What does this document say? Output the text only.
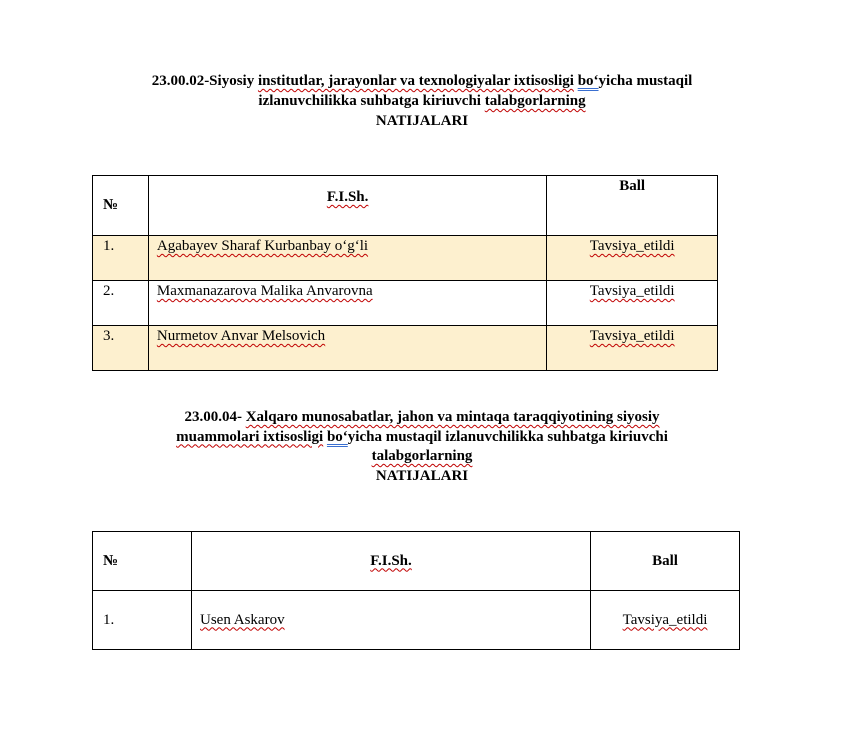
23.00.02-Siyosiy institutlar, jarayonlar va texnologiyalar ixtisosligi bo‘yicha mustaqil
izlanuvchilikka suhbatga kiriuvchi talabgorlarning
NATIJALARI
№	F.I.Sh.	Ball
1.	Agabayev Sharaf Kurbanbay o‘g‘li	Tavsiya_etildi
2.	Maxmanazarova Malika Anvarovna	Tavsiya_etildi
3.	Nurmetov Anvar Melsovich	Tavsiya_etildi
23.00.04- Xalqaro munosabatlar, jahon va mintaqa taraqqiyotining siyosiy
muammolari ixtisosligi bo‘yicha mustaqil izlanuvchilikka suhbatga kiriuvchi
talabgorlarning
NATIJALARI
№	F.I.Sh.	Ball
1.	Usen Askarov	Tavsiya_etildi
